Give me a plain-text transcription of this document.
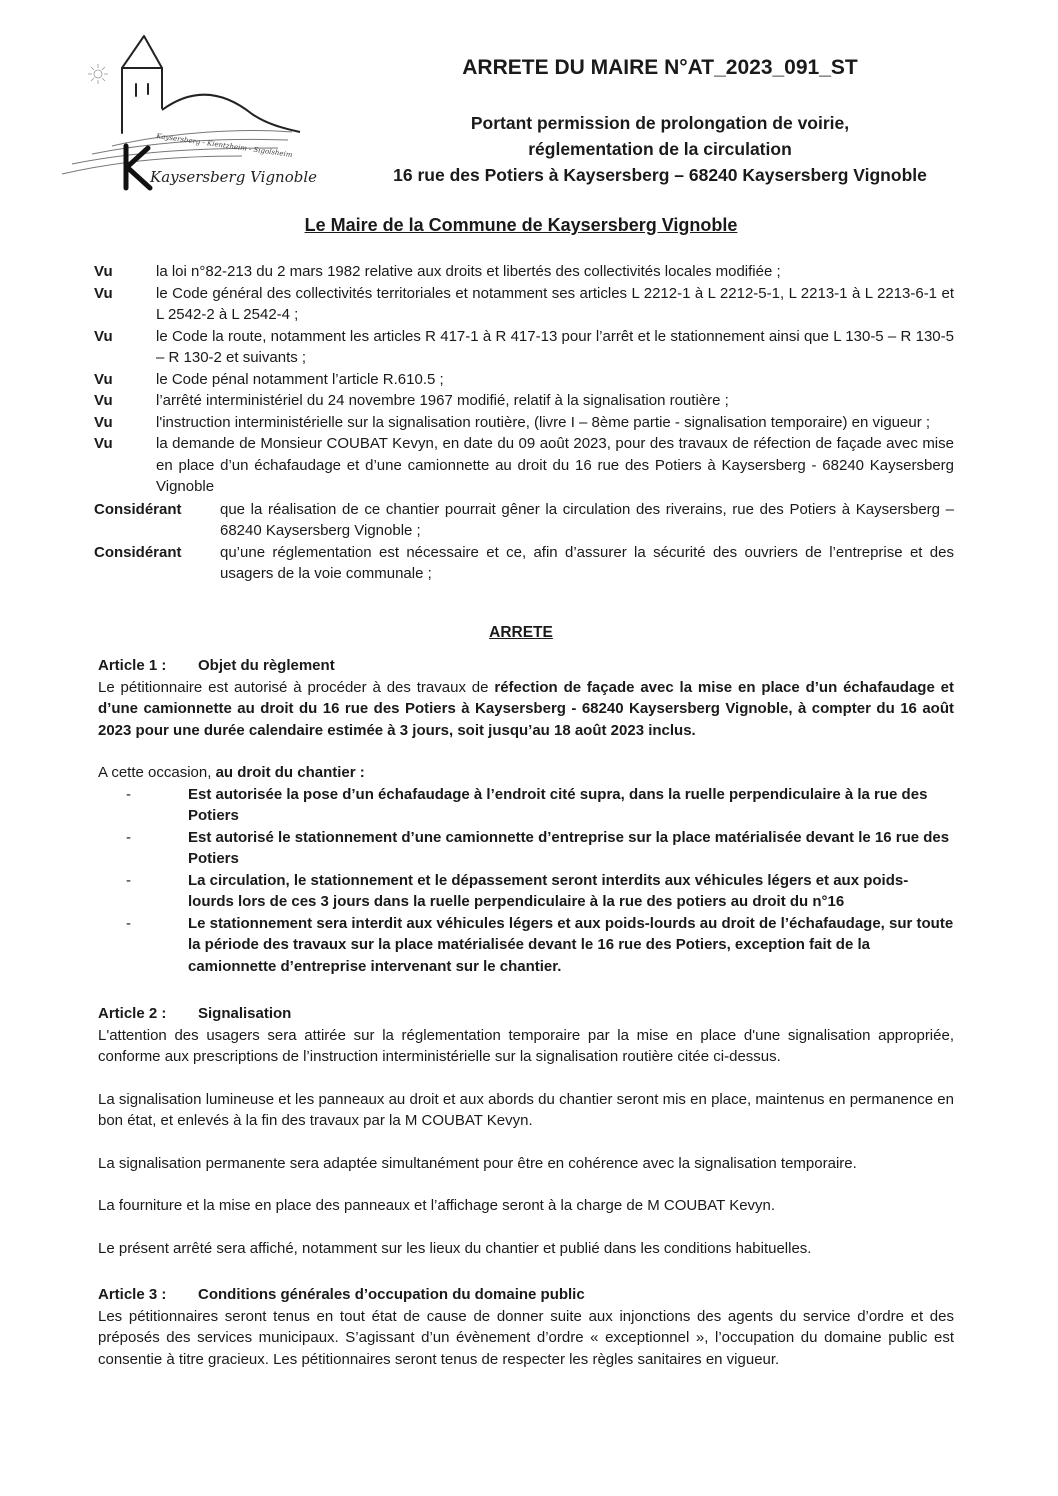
Kaysersberg - Kientzheim - Sigolsheim
Kaysersberg Vignoble
ARRETE DU MAIRE N°AT_2023_091_ST
Portant permission de prolongation de voirie,
réglementation de la circulation
16 rue des Potiers à Kaysersberg – 68240 Kaysersberg Vignoble
Le Maire de la Commune de Kaysersberg Vignoble
Vu	la loi n°82-213 du 2 mars 1982 relative aux droits et libertés des collectivités locales modifiée ;
Vu	le Code général des collectivités territoriales et notamment ses articles L 2212-1 à L 2212-5-1, L 2213-1 à L 2213-6-1 et L 2542-2 à L 2542-4 ;
Vu	le Code la route, notamment les articles R 417-1 à R 417-13 pour l’arrêt et le stationnement ainsi que L 130-5 – R 130-5 – R 130-2 et suivants ;
Vu	le Code pénal notamment l’article R.610.5 ;
Vu	l’arrêté interministériel du 24 novembre 1967 modifié, relatif à la signalisation routière ;
Vu	l'instruction interministérielle sur la signalisation routière, (livre I – 8ème partie - signalisation temporaire) en vigueur ;
Vu	la demande de Monsieur COUBAT Kevyn, en date du 09 août 2023, pour des travaux de réfection de façade avec mise en place d’un échafaudage et d’une camionnette au droit du 16 rue des Potiers à Kaysersberg - 68240 Kaysersberg Vignoble
Considérant	que la réalisation de ce chantier pourrait gêner la circulation des riverains, rue des Potiers à Kaysersberg – 68240 Kaysersberg Vignoble ;
Considérant	qu’une réglementation est nécessaire et ce, afin d’assurer la sécurité des ouvriers de l’entreprise et des usagers de la voie communale ;
ARRETE
Article 1 : Objet du règlement

Le pétitionnaire est autorisé à procéder à des travaux de réfection de façade avec la mise en place d’un échafaudage et d’une camionnette au droit du 16 rue des Potiers à Kaysersberg - 68240 Kaysersberg Vignoble, à compter du 16 août 2023 pour une durée calendaire estimée à 3 jours, soit jusqu’au 18 août 2023 inclus.

A cette occasion, au droit du chantier :

-	Est autorisée la pose d’un échafaudage à l’endroit cité supra, dans la ruelle perpendiculaire à la rue des Potiers
-	Est autorisé le stationnement d’une camionnette d’entreprise sur la place matérialisée devant le 16 rue des Potiers
-	La circulation, le stationnement et le dépassement seront interdits aux véhicules légers et aux poids-lourds lors de ces 3 jours dans la ruelle perpendiculaire à la rue des potiers au droit du n°16
-	Le stationnement sera interdit aux véhicules légers et aux poids-lourds au droit de l’échafaudage, sur toute la période des travaux sur la place matérialisée devant le 16 rue des Potiers, exception fait de la camionnette d’entreprise intervenant sur le chantier.
Article 2 : Signalisation

L'attention des usagers sera attirée sur la réglementation temporaire par la mise en place d'une signalisation appropriée, conforme aux prescriptions de l’instruction interministérielle sur la signalisation routière citée ci-dessus.

La signalisation lumineuse et les panneaux au droit et aux abords du chantier seront mis en place, maintenus en permanence en bon état, et enlevés à la fin des travaux par la M COUBAT Kevyn.

La signalisation permanente sera adaptée simultanément pour être en cohérence avec la signalisation temporaire.

La fourniture et la mise en place des panneaux et l’affichage seront à la charge de M COUBAT Kevyn.

Le présent arrêté sera affiché, notamment sur les lieux du chantier et publié dans les conditions habituelles.

Article 3 : Conditions générales d’occupation du domaine public

Les pétitionnaires seront tenus en tout état de cause de donner suite aux injonctions des agents du service d’ordre et des préposés des services municipaux. S’agissant d’un évènement d’ordre « exceptionnel », l’occupation du domaine public est consentie à titre gracieux. Les pétitionnaires seront tenus de respecter les règles sanitaires en vigueur.
